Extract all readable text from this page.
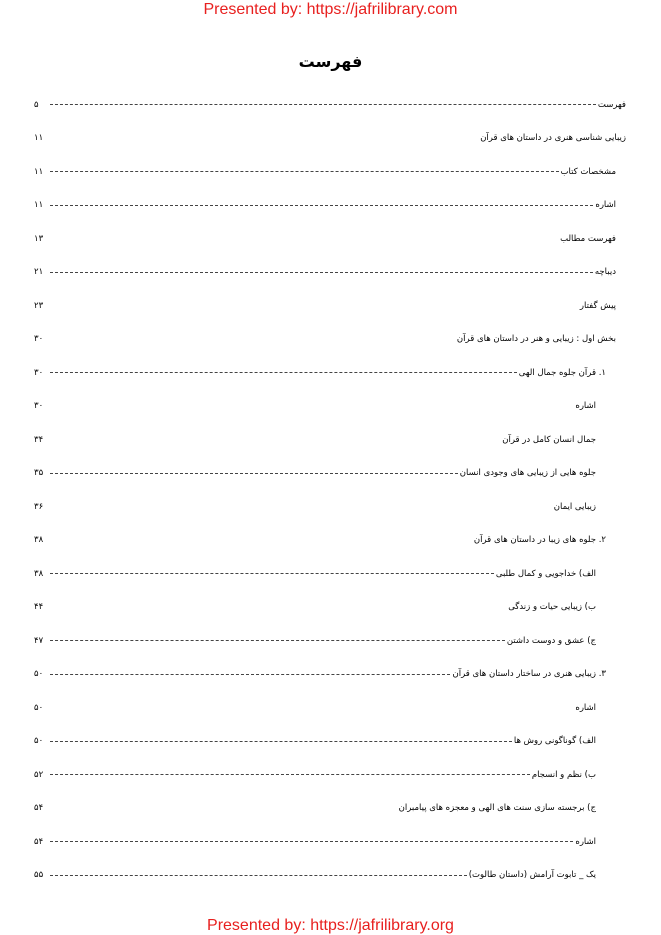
Presented by: https://jafrilibrary.com
فهرست
فهرست
۵
زیبایی شناسی هنری در داستان های قرآن
۱۱
مشخصات کتاب
۱۱
اشاره
۱۱
فهرست مطالب
۱۳
دیباچه
۲۱
پیش گفتار
۲۳
بخش اول : زیبایی و هنر در داستان های قرآن
۳۰
۱. قرآن جلوه جمال الهی
۳۰
اشاره
۳۰
جمال انسان کامل در قرآن
۳۴
جلوه هایی از زیبایی های وجودی انسان
۳۵
زیبایی ایمان
۳۶
۲. جلوه های زیبا در داستان های قرآن
۳۸
الف) خداجویی و کمال طلبی
۳۸
ب) زیبایی حیات و زندگی
۴۴
ج) عشق و دوست داشتن
۴۷
۳. زیبایی هنری در ساختار داستان های قرآن
۵۰
اشاره
۵۰
الف) گوناگونی روش ها
۵۰
ب) نظم و انسجام
۵۲
ج) برجسته سازی سنت های الهی و معجزه های پیامبران
۵۴
اشاره
۵۴
یک _ تابوت آرامش (داستان طالوت)
۵۵
Presented by: https://jafrilibrary.org
